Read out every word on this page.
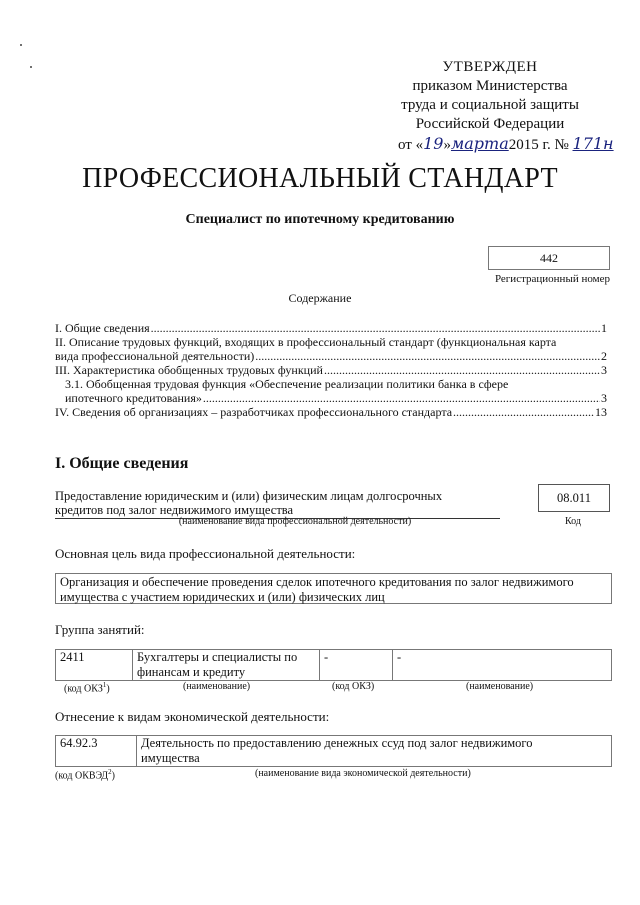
УТВЕРЖДЕН
приказом Министерства
труда и социальной защиты
Российской Федерации
от «19»марта2015 г. № 171н
ПРОФЕССИОНАЛЬНЫЙ СТАНДАРТ
Специалист по ипотечному кредитованию
442
Регистрационный номер
Содержание
I. Общие сведения .....	1
II. Описание трудовых функций, входящих в профессиональный стандарт (функциональная карта
вида профессиональной деятельности) .....	2
III. Характеристика обобщенных трудовых функций .....	3
3.1. Обобщенная трудовая функция «Обеспечение реализации политики банка в сфере
ипотечного кредитования» .....	3
IV. Сведения об организациях – разработчиках профессионального стандарта .....	13
I. Общие сведения
Предоставление юридическим и (или) физическим лицам долгосрочных
кредитов под залог недвижимого имущества
(наименование вида профессиональной деятельности)
08.011
Код
Основная цель вида профессиональной деятельности:
Организация и обеспечение проведения сделок ипотечного кредитования по залог недвижимого
имущества с участием юридических и (или) физических лиц
Группа занятий:
2411	Бухгалтеры и специалисты по
финансам и кредиту
	-	-
(код ОКЗ$^1$)	(наименование)	(код ОКЗ)	(наименование)
Отнесение к видам экономической деятельности:
64.92.3	Деятельность по предоставлению денежных ссуд под залог недвижимого
имущества
(код ОКВЭД$^2$)	(наименование вида экономической деятельности)
